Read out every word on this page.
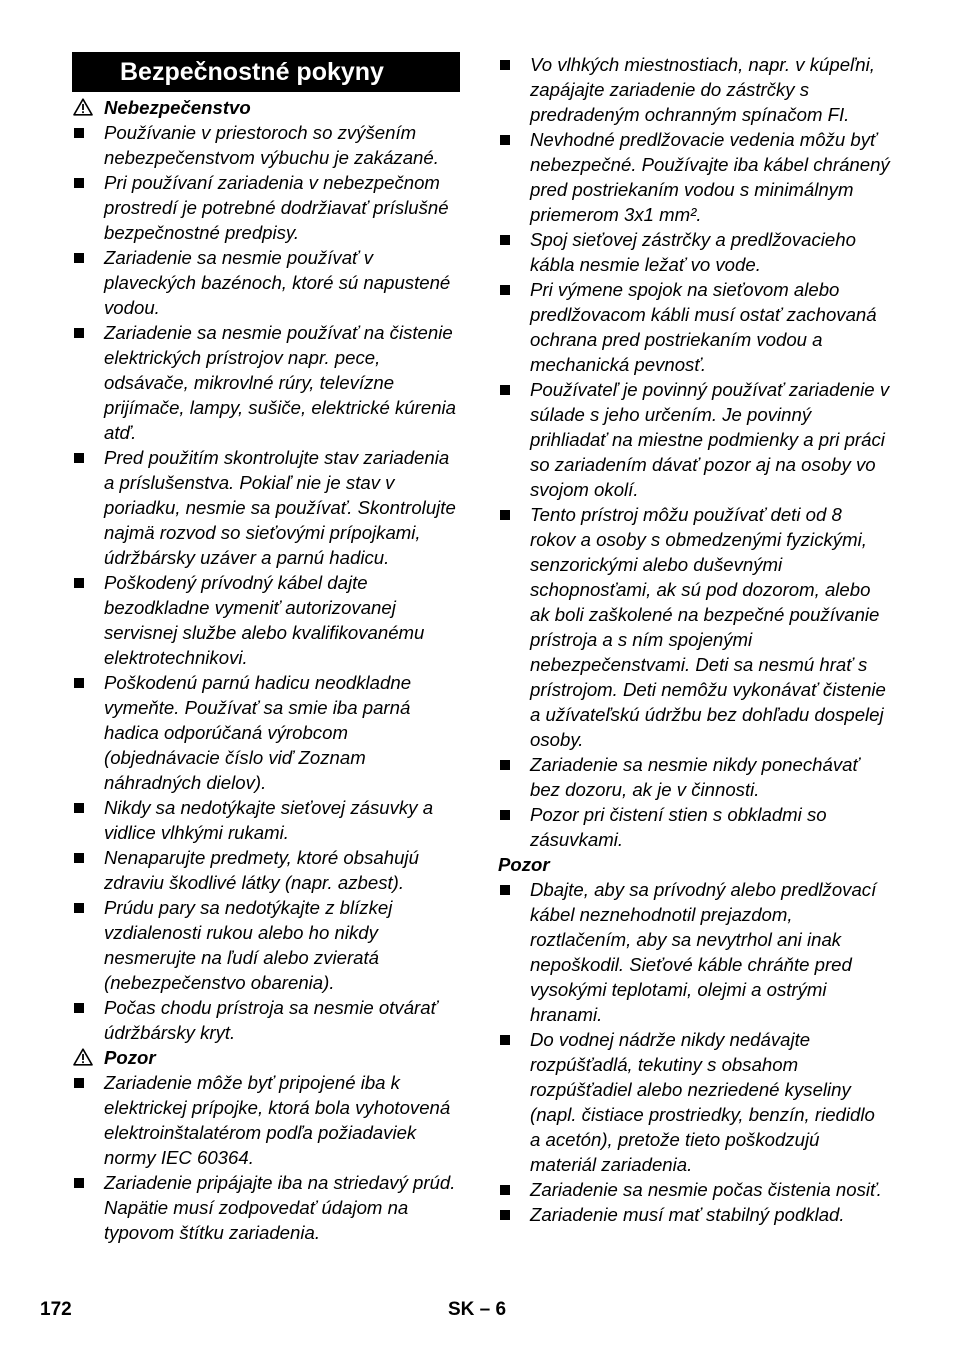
Bezpečnostné pokyny
Nebezpečenstvo
Používanie v priestoroch so zvýšením nebezpečenstvom výbuchu je zakázané.
Pri používaní zariadenia v nebezpečnom prostredí je potrebné dodržiavať príslušné bezpečnostné predpisy.
Zariadenie sa nesmie používať v plaveckých bazénoch, ktoré sú napustené vodou.
Zariadenie sa nesmie používať na čistenie elektrických prístrojov napr. pece, odsávače, mikrovlné rúry, televízne prijímače, lampy, sušiče, elektrické kúrenia atď.
Pred použitím skontrolujte stav zariadenia a príslušenstva. Pokiaľ nie je stav v poriadku, nesmie sa používať. Skontrolujte najmä rozvod so sieťovými prípojkami, údržbársky uzáver a parnú hadicu.
Poškodený prívodný kábel dajte bezodkladne vymeniť autorizovanej servisnej službe alebo kvalifikovanému elektrotechnikovi.
Poškodenú parnú hadicu neodkladne vymeňte. Používať sa smie iba parná hadica odporúčaná výrobcom (objednávacie číslo viď Zoznam náhradných dielov).
Nikdy sa nedotýkajte sieťovej zásuvky a vidlice vlhkými rukami.
Nenaparujte predmety, ktoré obsahujú zdraviu škodlivé látky (napr. azbest).
Prúdu pary sa nedotýkajte z blízkej vzdialenosti rukou alebo ho nikdy nesmerujte na ľudí alebo zvieratá (nebezpečenstvo obarenia).
Počas chodu prístroja sa nesmie otvárať údržbársky kryt.
Pozor
Zariadenie môže byť pripojené iba k elektrickej prípojke, ktorá bola vyhotovená elektroinštalatérom podľa požiadaviek normy IEC 60364.
Zariadenie pripájajte iba na striedavý prúd. Napätie musí zodpovedať údajom na typovom štítku zariadenia.
Vo vlhkých miestnostiach, napr. v kúpeľni, zapájajte zariadenie do zástrčky s predradeným ochranným spínačom FI.
Nevhodné predlžovacie vedenia môžu byť nebezpečné. Používajte iba kábel chránený pred postriekaním vodou s minimálnym priemerom 3x1 mm².
Spoj sieťovej zástrčky a predlžovacieho kábla nesmie ležať vo vode.
Pri výmene spojok na sieťovom alebo predlžovacom kábli musí ostať zachovaná ochrana pred postriekaním vodou a mechanická pevnosť.
Používateľ je povinný používať zariadenie v súlade s jeho určením. Je povinný prihliadať na miestne podmienky a pri práci so zariadením dávať pozor aj na osoby vo svojom okolí.
Tento prístroj môžu používať deti od 8 rokov a osoby s obmedzenými fyzickými, senzorickými alebo duševnými schopnosťami, ak sú pod dozorom, alebo ak boli zaškolené na bezpečné používanie prístroja a s ním spojenými nebezpečenstvami. Deti sa nesmú hrať s prístrojom. Deti nemôžu vykonávať čistenie a užívateľskú údržbu bez dohľadu dospelej osoby.
Zariadenie sa nesmie nikdy ponechávať bez dozoru, ak je v činnosti.
Pozor pri čistení stien s obkladmi so zásuvkami.
Pozor
Dbajte, aby sa prívodný alebo predlžovací kábel neznehodnotil prejazdom, roztlačením, aby sa nevytrhol ani inak nepoškodil. Sieťové káble chráňte pred vysokými teplotami, olejmi a ostrými hranami.
Do vodnej nádrže nikdy nedávajte rozpúšťadlá, tekutiny s obsahom rozpúšťadiel alebo nezriedené kyseliny (napl. čistiace prostriedky, benzín, riedidlo a acetón), pretože tieto poškodzujú materiál zariadenia.
Zariadenie sa nesmie počas čistenia nosiť.
Zariadenie musí mať stabilný podklad.
172	SK – 6
